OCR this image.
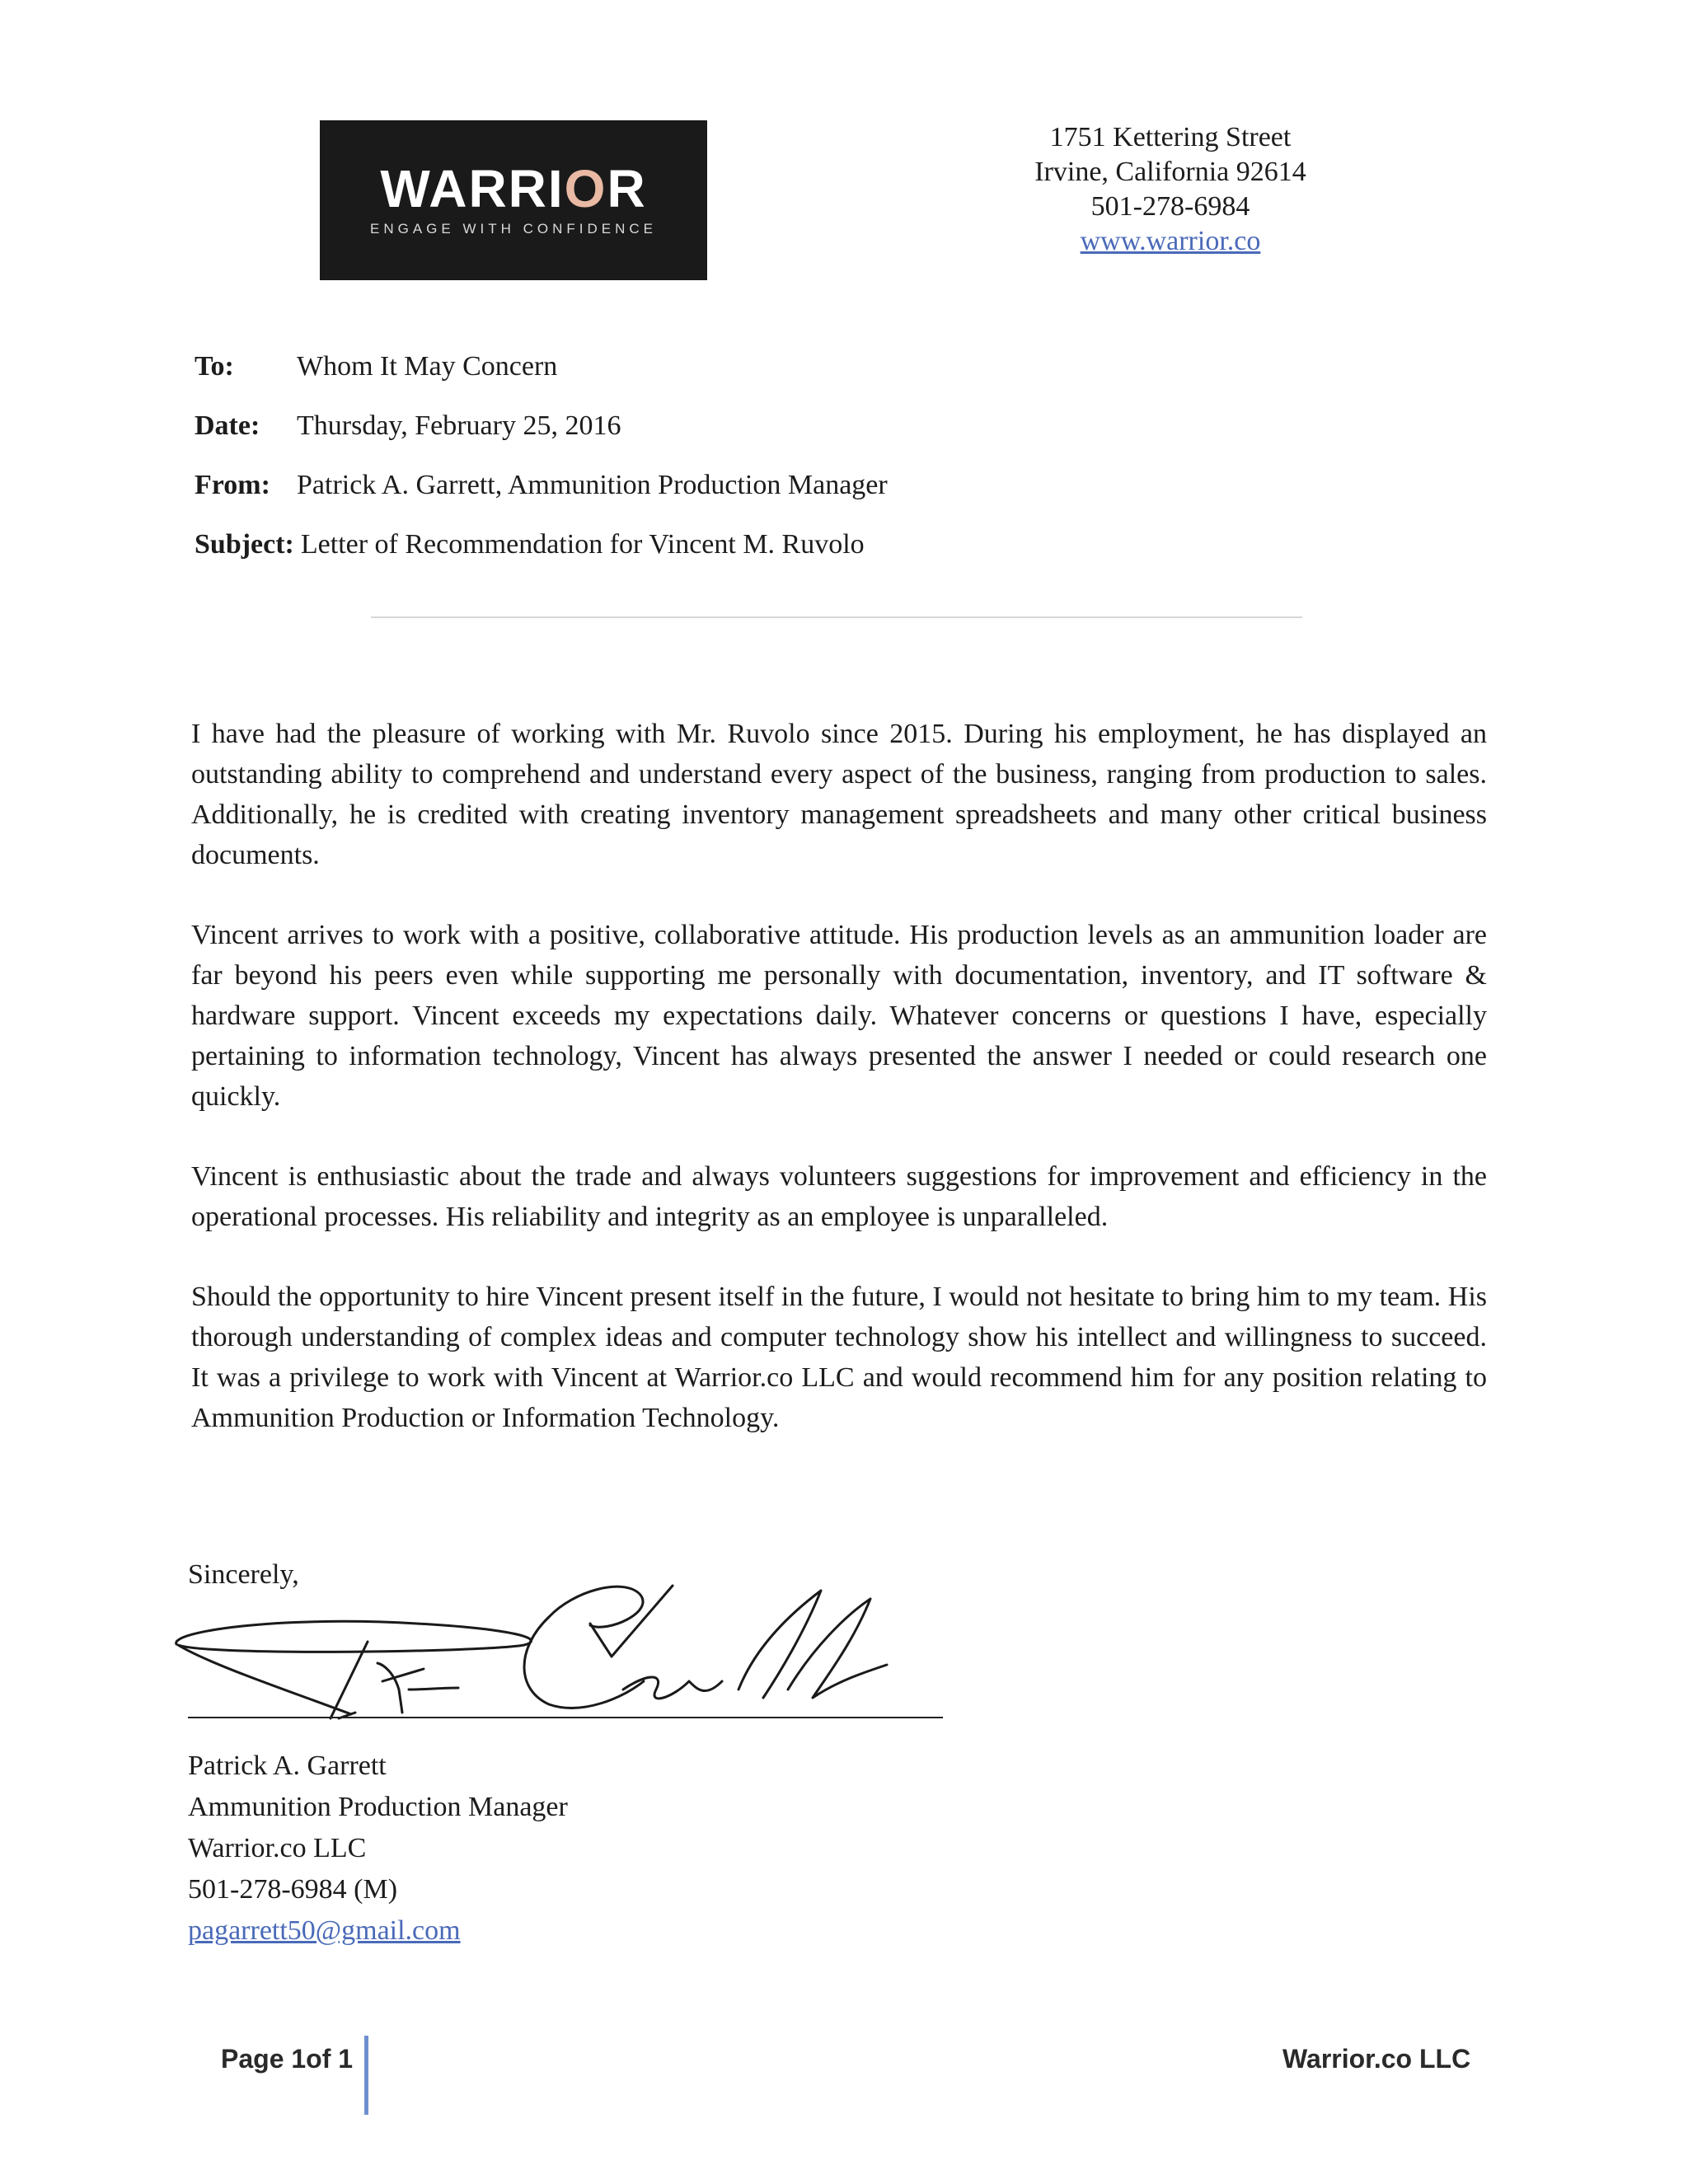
WARRIOR
ENGAGE WITH CONFIDENCE
1751 Kettering Street
Irvine, California 92614
501-278-6984
www.warrior.co
To: Whom It May Concern
Date: Thursday, February 25, 2016
From: Patrick A. Garrett, Ammunition Production Manager
Subject: Letter of Recommendation for Vincent M. Ruvolo

I have had the pleasure of working with Mr. Ruvolo since 2015. During his employment, he has displayed an outstanding ability to comprehend and understand every aspect of the business, ranging from production to sales. Additionally, he is credited with creating inventory management spreadsheets and many other critical business documents.

Vincent arrives to work with a positive, collaborative attitude. His production levels as an ammunition loader are far beyond his peers even while supporting me personally with documentation, inventory, and IT software & hardware support. Vincent exceeds my expectations daily. Whatever concerns or questions I have, especially pertaining to information technology, Vincent has always presented the answer I needed or could research one quickly.

Vincent is enthusiastic about the trade and always volunteers suggestions for improvement and efficiency in the operational processes. His reliability and integrity as an employee is unparalleled.

Should the opportunity to hire Vincent present itself in the future, I would not hesitate to bring him to my team. His thorough understanding of complex ideas and computer technology show his intellect and willingness to succeed. It was a privilege to work with Vincent at Warrior.co LLC and would recommend him for any position relating to Ammunition Production or Information Technology.

Sincerely,
Patrick A. Garrett
Ammunition Production Manager
Warrior.co LLC
501-278-6984 (M)
pagarrett50@gmail.com
Page 1of 1	Warrior.co LLC
